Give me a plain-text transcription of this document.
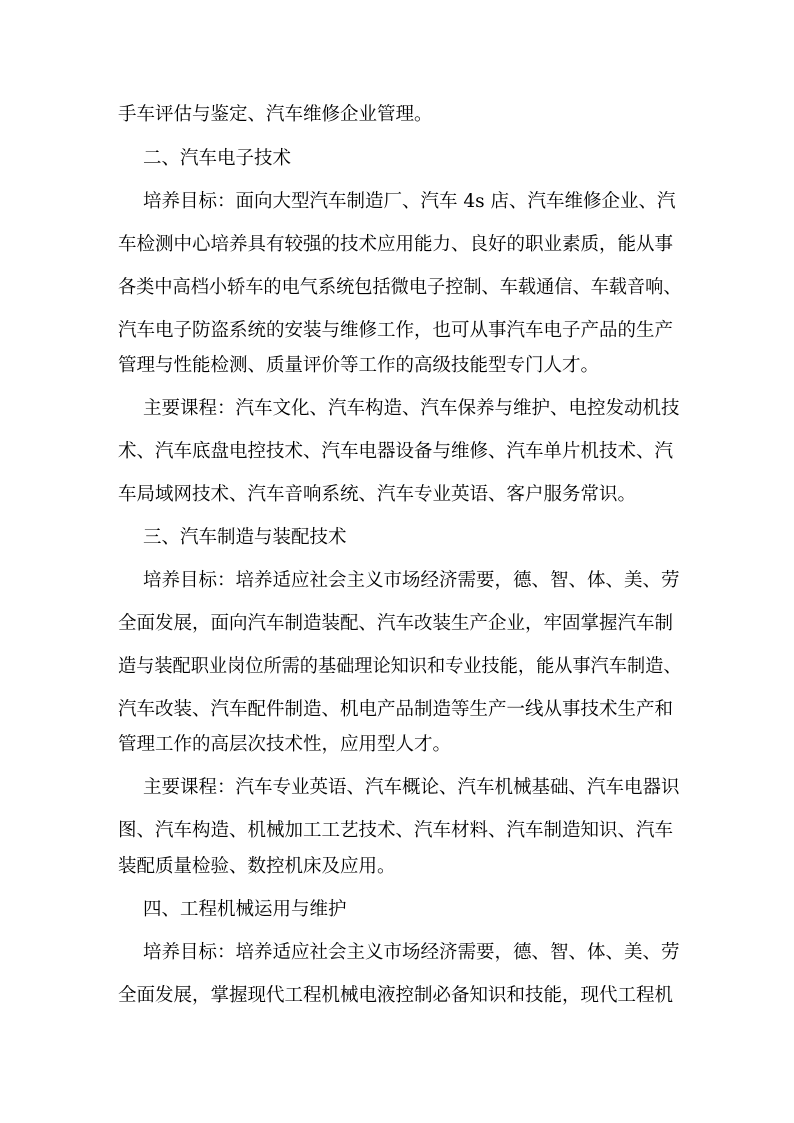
手车评估与鉴定、汽车维修企业管理。
二、汽车电子技术
培养目标：面向大型汽车制造厂、汽车 4s 店、汽车维修企业、汽
车检测中心培养具有较强的技术应用能力、良好的职业素质，能从事
各类中高档小轿车的电气系统包括微电子控制、车载通信、车载音响、
汽车电子防盗系统的安装与维修工作，也可从事汽车电子产品的生产
管理与性能检测、质量评价等工作的高级技能型专门人才。
主要课程：汽车文化、汽车构造、汽车保养与维护、电控发动机技
术、汽车底盘电控技术、汽车电器设备与维修、汽车单片机技术、汽
车局域网技术、汽车音响系统、汽车专业英语、客户服务常识。
三、汽车制造与装配技术
培养目标：培养适应社会主义市场经济需要，德、智、体、美、劳
全面发展，面向汽车制造装配、汽车改装生产企业，牢固掌握汽车制
造与装配职业岗位所需的基础理论知识和专业技能，能从事汽车制造、
汽车改装、汽车配件制造、机电产品制造等生产一线从事技术生产和
管理工作的高层次技术性，应用型人才。
主要课程：汽车专业英语、汽车概论、汽车机械基础、汽车电器识
图、汽车构造、机械加工工艺技术、汽车材料、汽车制造知识、汽车
装配质量检验、数控机床及应用。
四、工程机械运用与维护
培养目标：培养适应社会主义市场经济需要，德、智、体、美、劳
全面发展，掌握现代工程机械电液控制必备知识和技能，现代工程机
